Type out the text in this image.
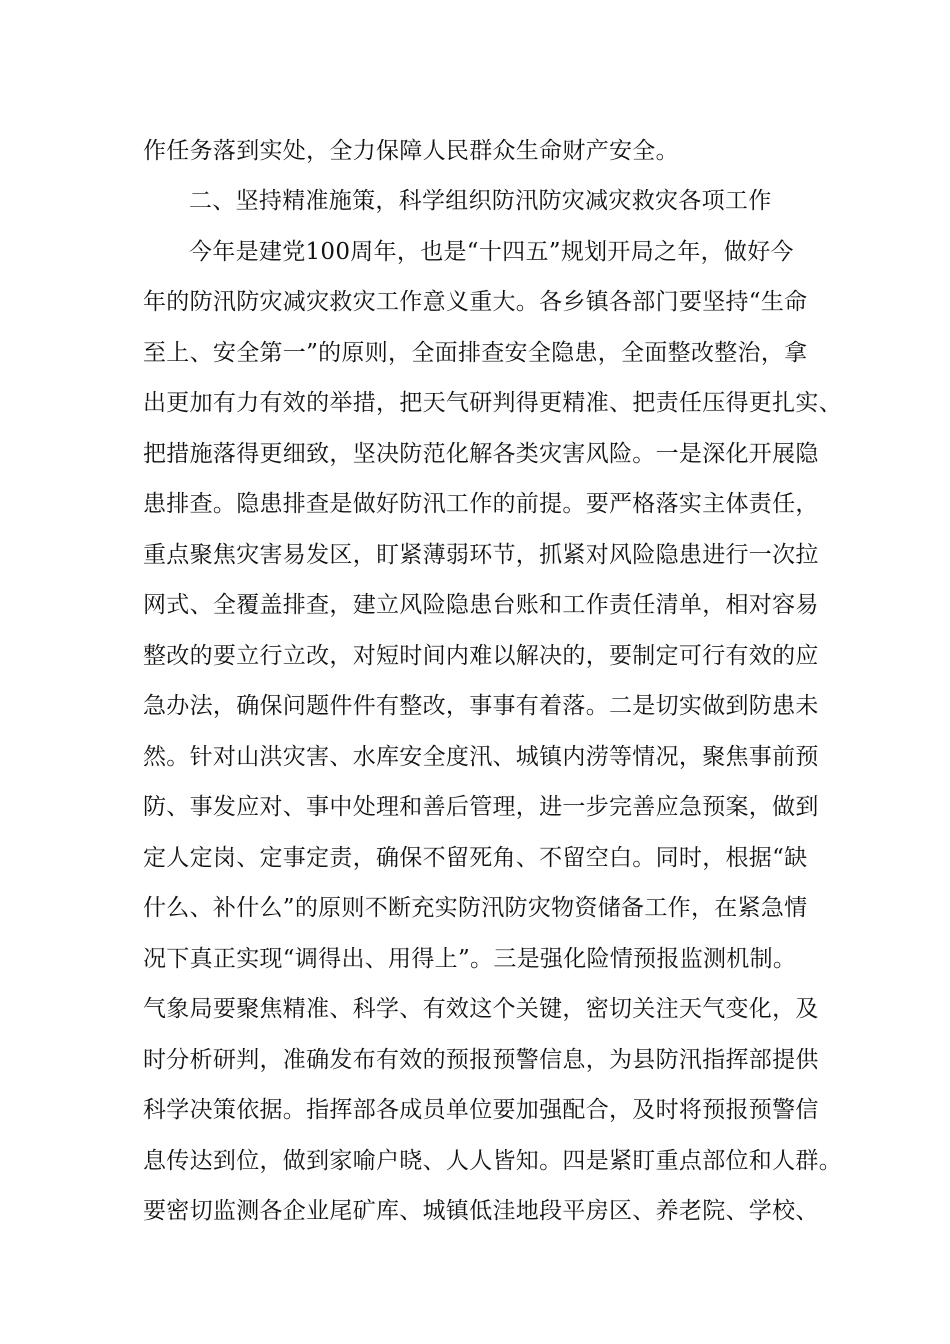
作任务落到实处，全力保障人民群众生命财产安全。
二、坚持精准施策，科学组织防汛防灾减灾救灾各项工作
今年是建党100周年，也是“十四五”规划开局之年，做好今
年的防汛防灾减灾救灾工作意义重大。各乡镇各部门要坚持“生命
至上、安全第一”的原则，全面排查安全隐患，全面整改整治，拿
出更加有力有效的举措，把天气研判得更精准、把责任压得更扎实、
把措施落得更细致，坚决防范化解各类灾害风险。一是深化开展隐
患排查。隐患排查是做好防汛工作的前提。要严格落实主体责任，
重点聚焦灾害易发区，盯紧薄弱环节，抓紧对风险隐患进行一次拉
网式、全覆盖排查，建立风险隐患台账和工作责任清单，相对容易
整改的要立行立改，对短时间内难以解决的，要制定可行有效的应
急办法，确保问题件件有整改，事事有着落。二是切实做到防患未
然。针对山洪灾害、水库安全度汛、城镇内涝等情况，聚焦事前预
防、事发应对、事中处理和善后管理，进一步完善应急预案，做到
定人定岗、定事定责，确保不留死角、不留空白。同时，根据“缺
什么、补什么”的原则不断充实防汛防灾物资储备工作，在紧急情
况下真正实现“调得出、用得上”。三是强化险情预报监测机制。
气象局要聚焦精准、科学、有效这个关键，密切关注天气变化，及
时分析研判，准确发布有效的预报预警信息，为县防汛指挥部提供
科学决策依据。指挥部各成员单位要加强配合，及时将预报预警信
息传达到位，做到家喻户晓、人人皆知。四是紧盯重点部位和人群。
要密切监测各企业尾矿库、城镇低洼地段平房区、养老院、学校、
